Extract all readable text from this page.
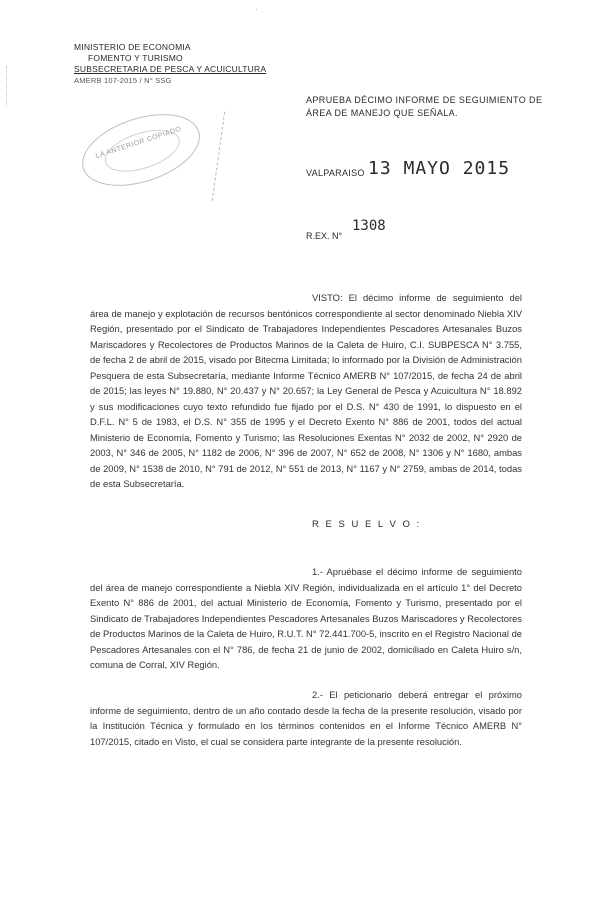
·
MINISTERIO DE ECONOMIA
FOMENTO Y TURISMO
SUBSECRETARIA DE PESCA Y ACUICULTURA
AMERB 107-2015 / N° SSG
LA ANTERIOR COPIADO
APRUEBA DÉCIMO INFORME DE SEGUIMIENTO DE ÁREA DE MANEJO QUE SEÑALA.
VALPARAISO 13 MAYO 2015
R.EX. N°
1308
VISTO: El décimo informe de seguimiento del área de manejo y explotación de recursos bentónicos correspondiente al sector denominado Niebla XIV Región, presentado por el Sindicato de Trabajadores Independientes Pescadores Artesanales Buzos Mariscadores y Recolectores de Productos Marinos de la Caleta de Huiro, C.I. SUBPESCA N° 3.755, de fecha 2 de abril de 2015, visado por Bitecma Limitada; lo informado por la División de Administración Pesquera de esta Subsecretaría, mediante Informe Técnico AMERB N° 107/2015, de fecha 24 de abril de 2015; las leyes N° 19.880, N° 20.437 y N° 20.657; la Ley General de Pesca y Acuicultura N° 18.892 y sus modificaciones cuyo texto refundido fue fijado por el D.S. N° 430 de 1991, lo dispuesto en el D.F.L. N° 5 de 1983, el D.S. N° 355 de 1995 y el Decreto Exento N° 886 de 2001, todos del actual Ministerio de Economía, Fomento y Turismo; las Resoluciones Exentas N° 2032 de 2002, N° 2920 de 2003, N° 346 de 2005, N° 1182 de 2006, N° 396 de 2007, N° 652 de 2008, N° 1306 y N° 1680, ambas de 2009, N° 1538 de 2010, N° 791 de 2012, N° 551 de 2013, N° 1167 y N° 2759, ambas de 2014, todas de esta Subsecretaría.
R E S U E L V O :
1.- Apruébase el décimo informe de seguimiento del área de manejo correspondiente a Niebla XIV Región, individualizada en el artículo 1° del Decreto Exento N° 886 de 2001, del actual Ministerio de Economía, Fomento y Turismo, presentado por el Sindicato de Trabajadores Independientes Pescadores Artesanales Buzos Mariscadores y Recolectores de Productos Marinos de la Caleta de Huiro, R.U.T. N° 72.441.700-5, inscrito en el Registro Nacional de Pescadores Artesanales con el N° 786, de fecha 21 de junio de 2002, domiciliado en Caleta Huiro s/n, comuna de Corral, XIV Región.
2.- El peticionario deberá entregar el próximo informe de seguimiento, dentro de un año contado desde la fecha de la presente resolución, visado por la Institución Técnica y formulado en los términos contenidos en el Informe Técnico AMERB N° 107/2015, citado en Visto, el cual se considera parte integrante de la presente resolución.
